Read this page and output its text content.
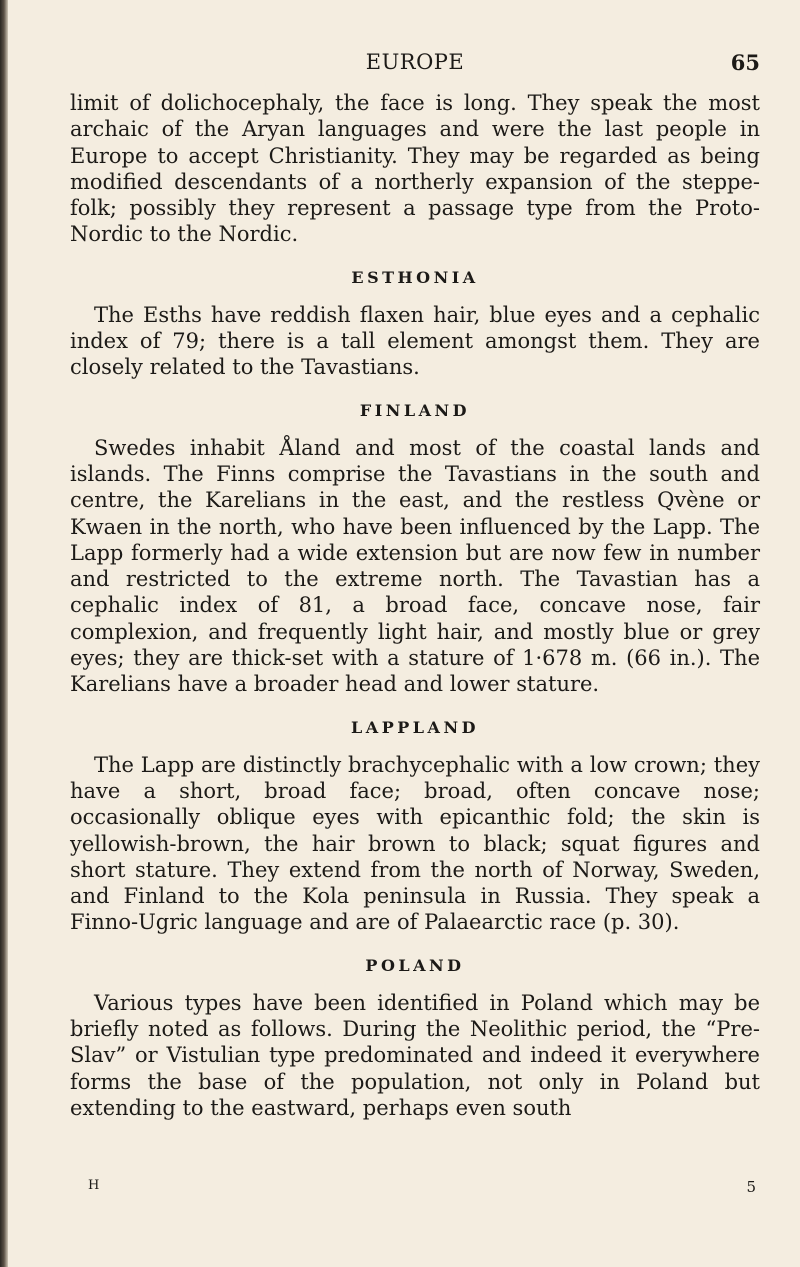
EUROPE	65

limit of dolichocephaly, the face is long. They speak the most archaic of the Aryan languages and were the last people in Europe to accept Christianity. They may be regarded as being modified descendants of a northerly expansion of the steppe-folk; possibly they represent a passage type from the Proto-Nordic to the Nordic.

ESTHONIA

The Esths have reddish flaxen hair, blue eyes and a cephalic index of 79; there is a tall element amongst them. They are closely related to the Tavastians.

FINLAND

Swedes inhabit Åland and most of the coastal lands and islands. The Finns comprise the Tavastians in the south and centre, the Karelians in the east, and the restless Qvène or Kwaen in the north, who have been influenced by the Lapp. The Lapp formerly had a wide extension but are now few in number and restricted to the extreme north. The Tavastian has a cephalic index of 81, a broad face, concave nose, fair complexion, and frequently light hair, and mostly blue or grey eyes; they are thick-set with a stature of 1·678 m. (66 in.). The Karelians have a broader head and lower stature.

LAPPLAND

The Lapp are distinctly brachycephalic with a low crown; they have a short, broad face; broad, often concave nose; occasionally oblique eyes with epicanthic fold; the skin is yellowish-brown, the hair brown to black; squat figures and short stature. They extend from the north of Norway, Sweden, and Finland to the Kola peninsula in Russia. They speak a Finno-Ugric language and are of Palaearctic race (p. 30).

POLAND

Various types have been identified in Poland which may be briefly noted as follows. During the Neolithic period, the “Pre-Slav” or Vistulian type predominated and indeed it everywhere forms the base of the population, not only in Poland but extending to the eastward, perhaps even south

H	5
